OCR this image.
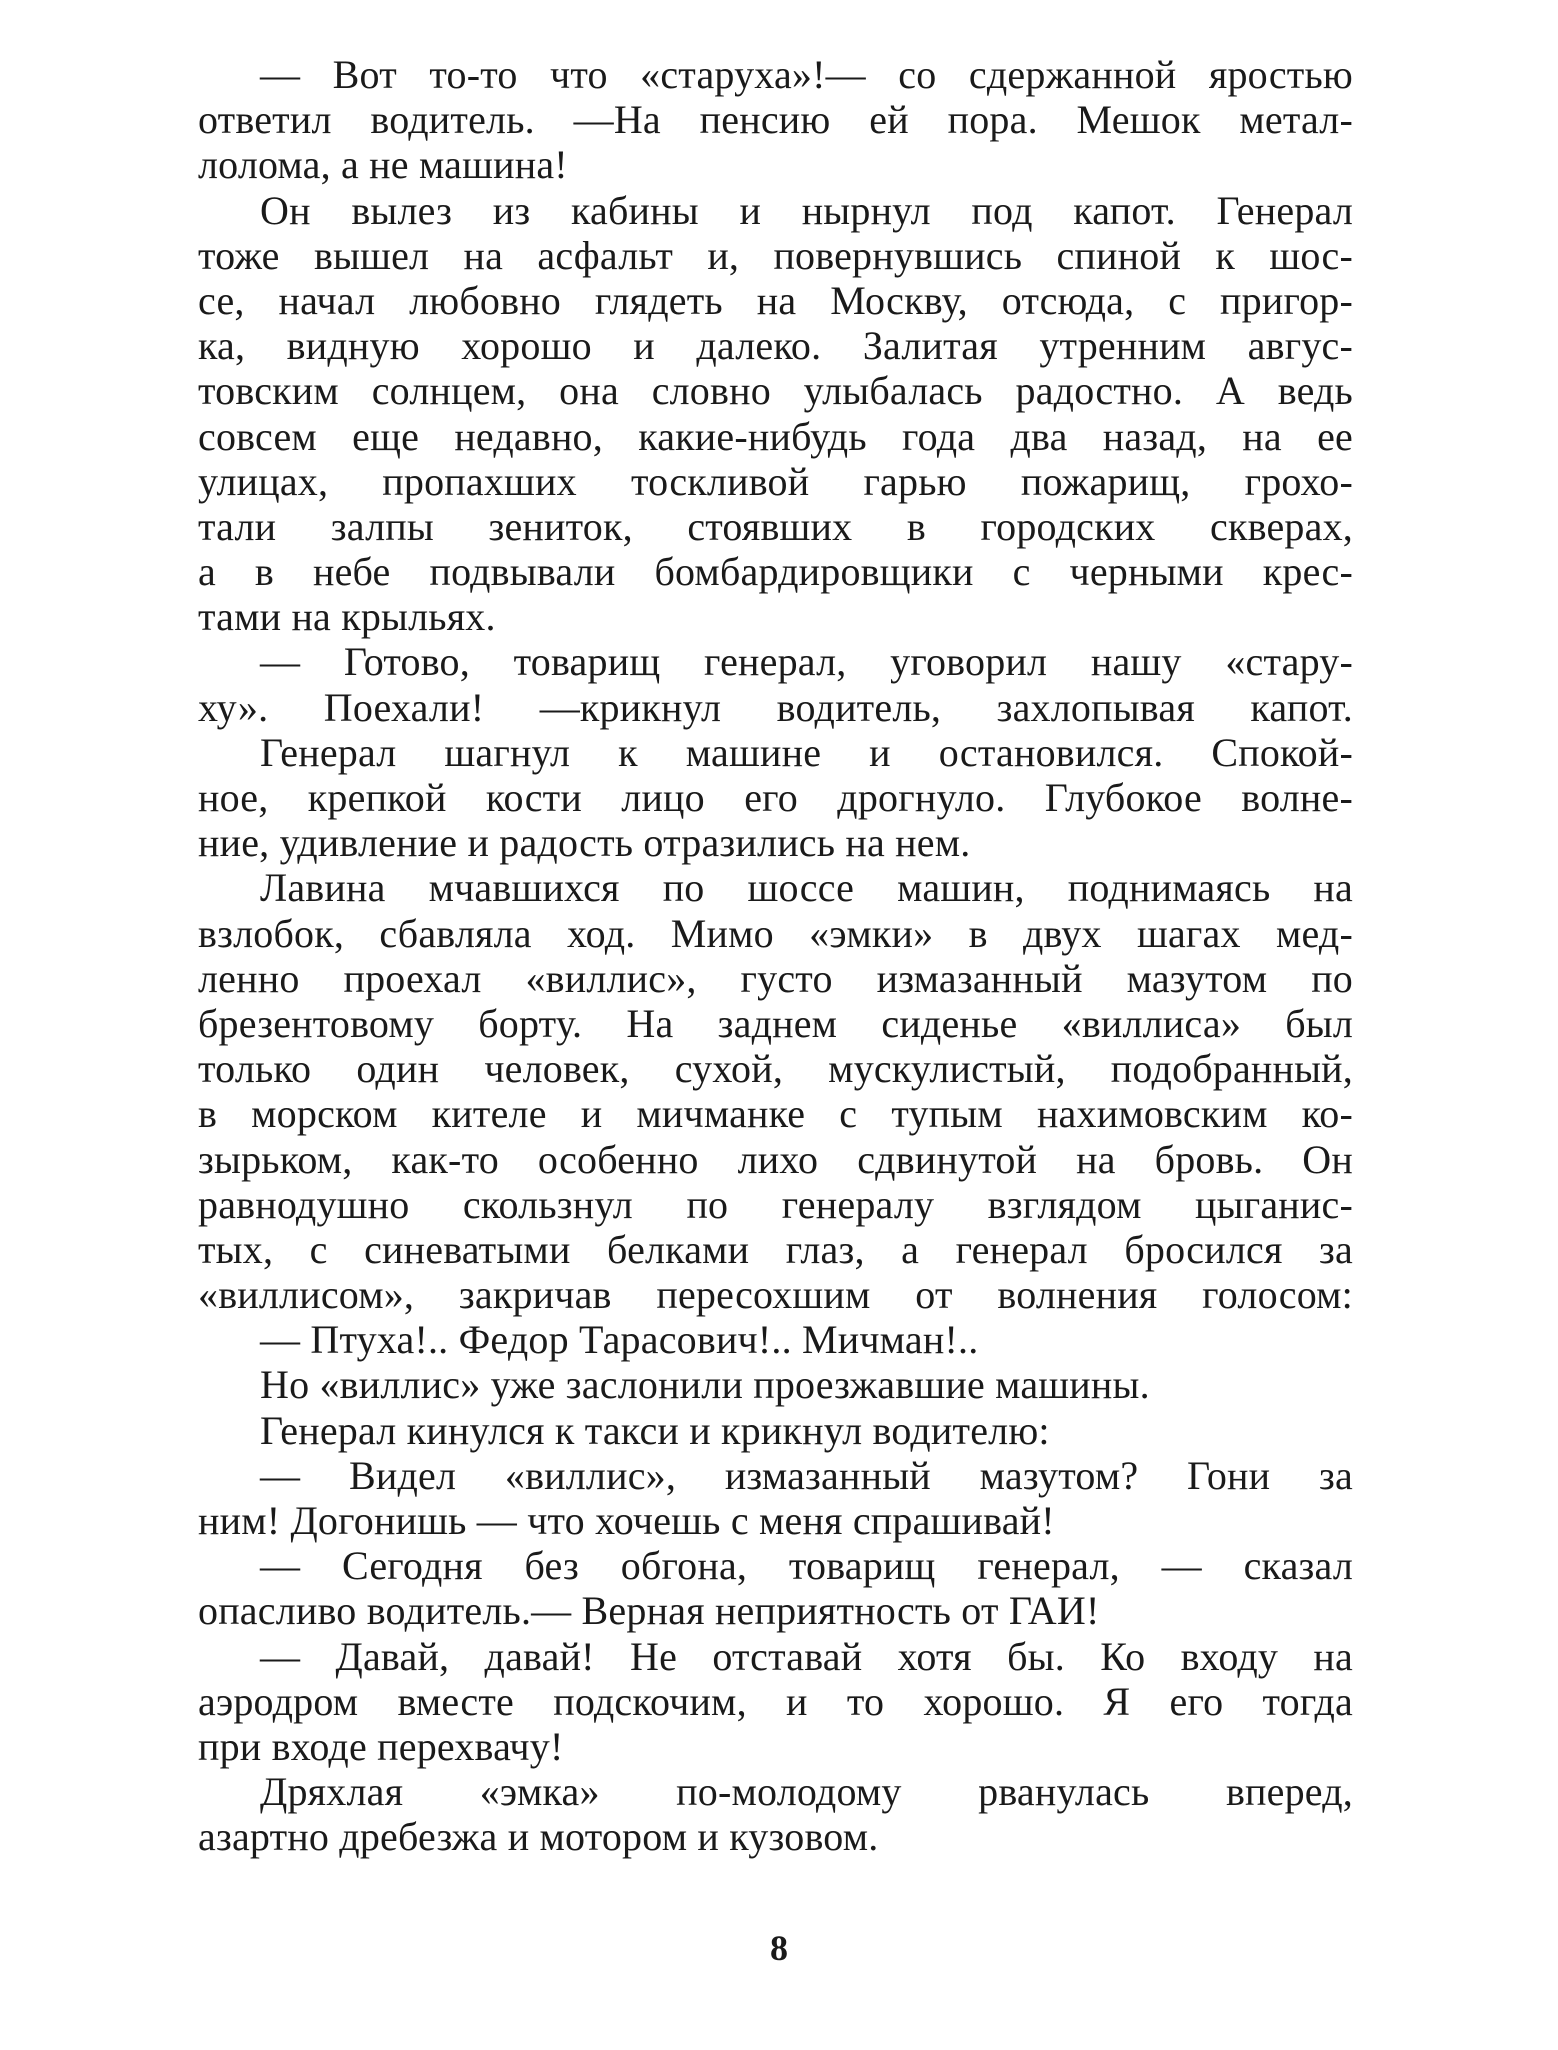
— Вот то-то что «старуха»!— со сдержанной яростью
ответил водитель. —На пенсию ей пора. Мешок метал-
лолома, а не машина!
Он вылез из кабины и нырнул под капот. Генерал
тоже вышел на асфальт и, повернувшись спиной к шос-
се, начал любовно глядеть на Москву, отсюда, с пригор-
ка, видную хорошо и далеко. Залитая утренним авгус-
товским солнцем, она словно улыбалась радостно. А ведь
совсем еще недавно, какие-нибудь года два назад, на ее
улицах, пропахших тоскливой гарью пожарищ, грохо-
тали залпы зениток, стоявших в городских скверах,
а в небе подвывали бомбардировщики с черными крес-
тами на крыльях.
— Готово, товарищ генерал, уговорил нашу «стару-
ху». Поехали! —крикнул водитель, захлопывая капот.
Генерал шагнул к машине и остановился. Спокой-
ное, крепкой кости лицо его дрогнуло. Глубокое волне-
ние, удивление и радость отразились на нем.
Лавина мчавшихся по шоссе машин, поднимаясь на
взлобок, сбавляла ход. Мимо «эмки» в двух шагах мед-
ленно проехал «виллис», густо измазанный мазутом по
брезентовому борту. На заднем сиденье «виллиса» был
только один человек, сухой, мускулистый, подобранный,
в морском кителе и мичманке с тупым нахимовским ко-
зырьком, как-то особенно лихо сдвинутой на бровь. Он
равнодушно скользнул по генералу взглядом цыганис-
тых, с синеватыми белками глаз, а генерал бросился за
«виллисом», закричав пересохшим от волнения голосом:
— Птуха!.. Федор Тарасович!.. Мичман!..
Но «виллис» уже заслонили проезжавшие машины.
Генерал кинулся к такси и крикнул водителю:
— Видел «виллис», измазанный мазутом? Гони за
ним! Догонишь — что хочешь с меня спрашивай!
— Сегодня без обгона, товарищ генерал, — сказал
опасливо водитель.— Верная неприятность от ГАИ!
— Давай, давай! Не отставай хотя бы. Ко входу на
аэродром вместе подскочим, и то хорошо. Я его тогда
при входе перехвачу!
Дряхлая «эмка» по-молодому рванулась вперед,
азартно дребезжа и мотором и кузовом.
8
